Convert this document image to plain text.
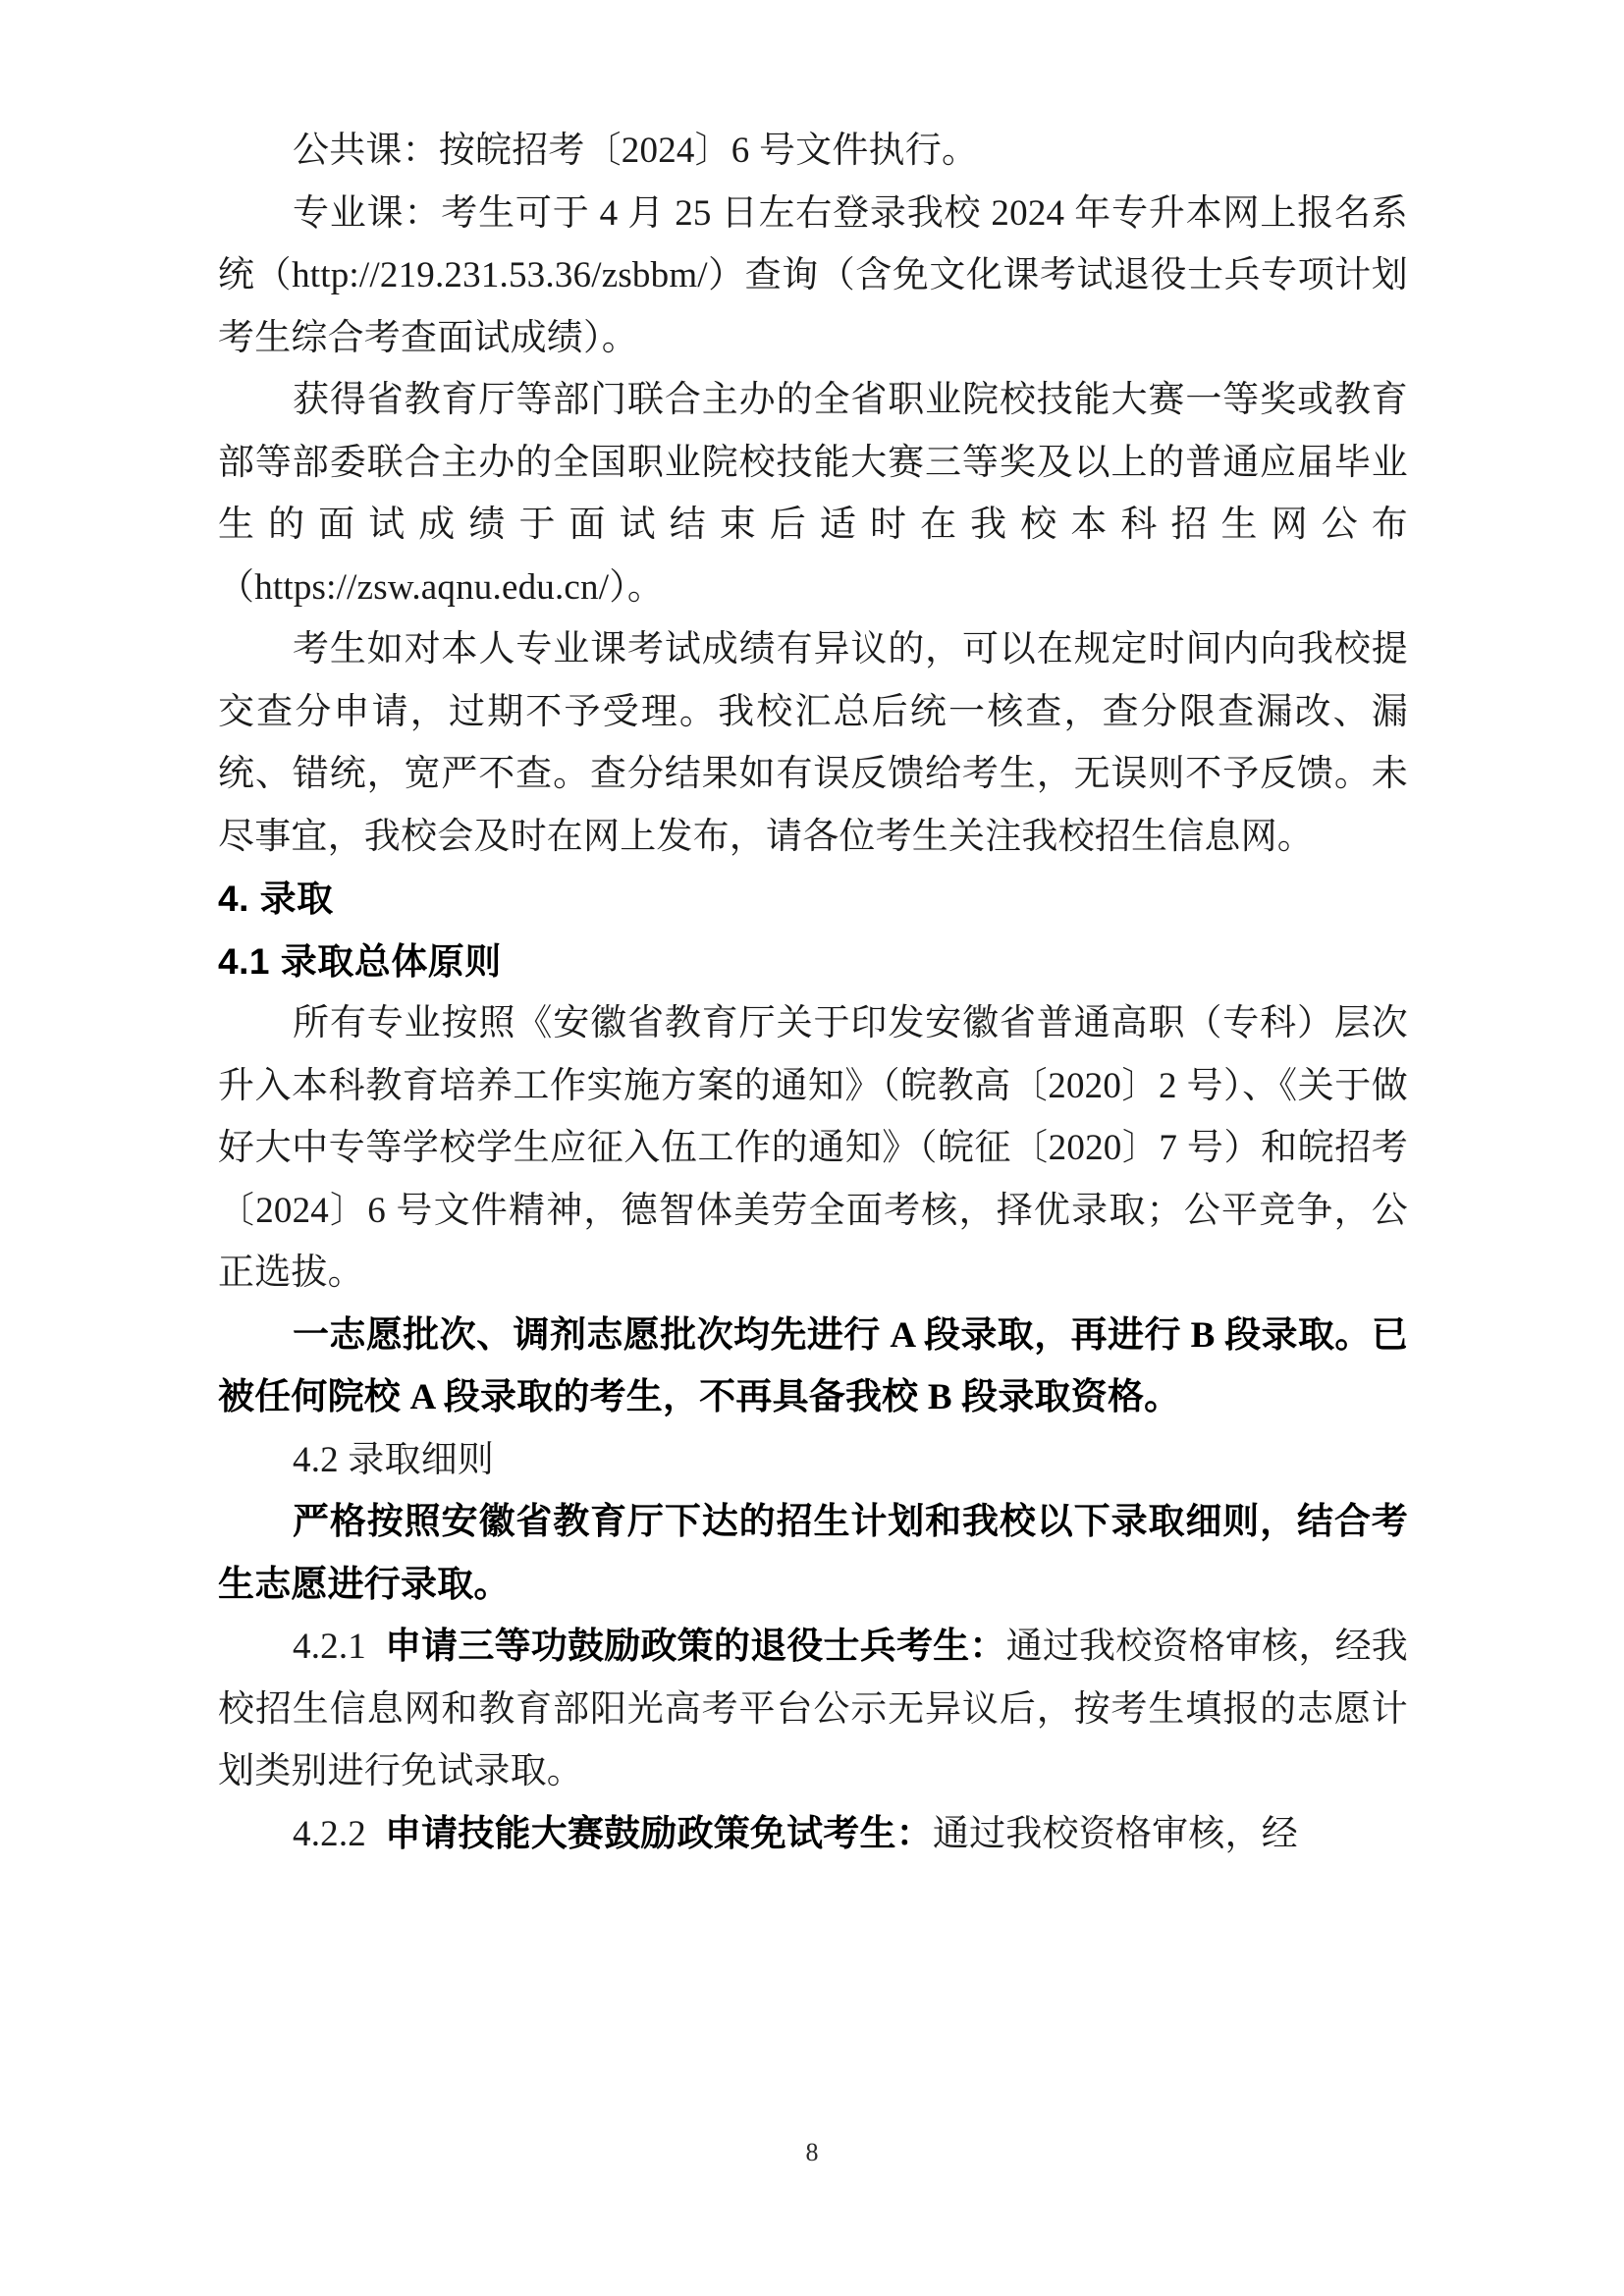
公共课：按皖招考〔2024〕6 号文件执行。

专业课：考生可于 4 月 25 日左右登录我校 2024 年专升本网上报名系统（http://219.231.53.36/zsbbm/）查询（含免文化课考试退役士兵专项计划考生综合考查面试成绩）。

获得省教育厅等部门联合主办的全省职业院校技能大赛一等奖或教育部等部委联合主办的全国职业院校技能大赛三等奖及以上的普通应届毕业生的面试成绩于面试结束后适时在我校本科招生网公布（https://zsw.aqnu.edu.cn/）。

考生如对本人专业课考试成绩有异议的，可以在规定时间内向我校提交查分申请，过期不予受理。我校汇总后统一核查，查分限查漏改、漏统、错统，宽严不查。查分结果如有误反馈给考生，无误则不予反馈。未尽事宜，我校会及时在网上发布，请各位考生关注我校招生信息网。

4. 录取
4.1 录取总体原则

所有专业按照《安徽省教育厅关于印发安徽省普通高职（专科）层次升入本科教育培养工作实施方案的通知》（皖教高〔2020〕2 号）、《关于做好大中专等学校学生应征入伍工作的通知》（皖征〔2020〕7 号）和皖招考〔2024〕6 号文件精神，德智体美劳全面考核，择优录取；公平竞争，公正选拔。

一志愿批次、调剂志愿批次均先进行 A 段录取，再进行 B 段录取。已被任何院校 A 段录取的考生，不再具备我校 B 段录取资格。

4.2 录取细则

严格按照安徽省教育厅下达的招生计划和我校以下录取细则，结合考生志愿进行录取。

4.2.1 申请三等功鼓励政策的退役士兵考生：通过我校资格审核，经我校招生信息网和教育部阳光高考平台公示无异议后，按考生填报的志愿计划类别进行免试录取。

4.2.2 申请技能大赛鼓励政策免试考生：通过我校资格审核，经

8
